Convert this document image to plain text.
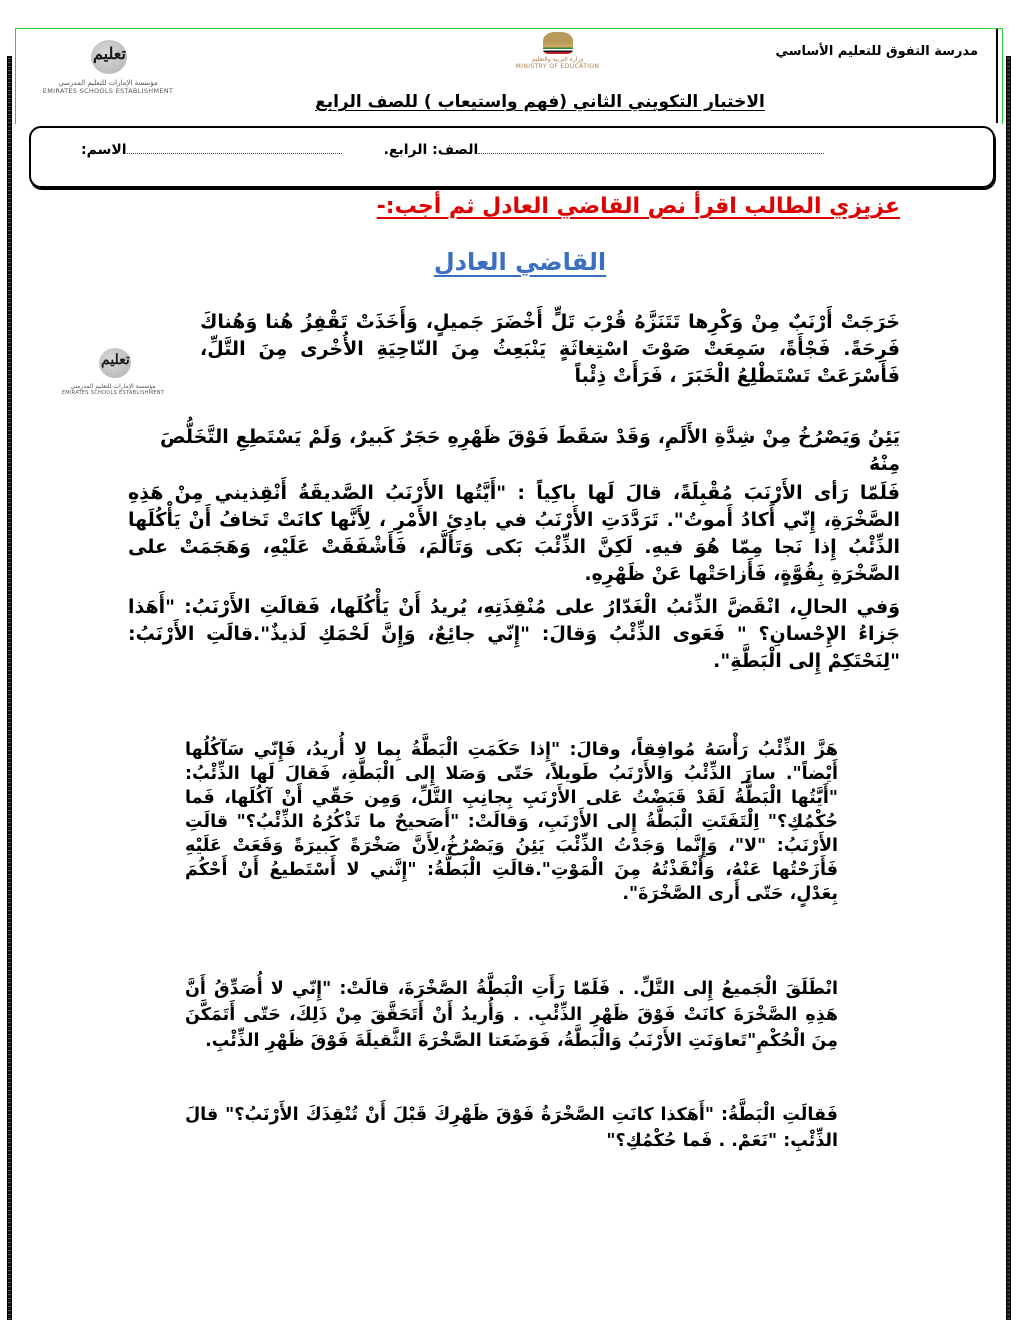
تعليم
مؤسسة الإمارات للتعليم المدرسي
EMIRATES SCHOOLS ESTABLISHMENT
وزارة التربية والتعليم
MINISTRY OF EDUCATION
مدرسة التفوق للتعليم الأساسي
الاختبار التكويني الثاني (فهم واستيعاب ) للصف الرابع
الاسم:	الصف: الرابع.
عزيزي الطالب اقرأ نص القاضي العادل ثم أجب:-
القاضي العادل
تعليم
مؤسسة الإمارات للتعليم المدرسي
EMIRATES SCHOOLS ESTABLISHMENT

خَرَجَتْ أَرْنَبٌ مِنْ وَكْرِها تَتَنَزَّهُ قُرْبَ تَلٍّ أَخْضَرَ جَميلٍ، وَأَخَذَتْ تَقْفِزُ هُنا وَهُناكَ فَرِحَةً. فَجْأَةً، سَمِعَتْ صَوْتَ اسْتِغاثَةٍ يَنْبَعِثُ مِنَ النّاحِيَةِ الأُخْرى مِنَ التَّلِّ، فَأَسْرَعَتْ تَسْتَطْلِعُ الْخَبَرَ ، فَرَأَتْ ذِئْباً

يَئِنُ وَيَصْرُخُ مِنْ شِدَّةِ الأَلَمِ، وَقَدْ سَقَطَ فَوْقَ ظَهْرِهِ حَجَرٌ كَبيرٌ، وَلَمْ يَسْتَطِعِ التَّخَلُّصَ مِنْهُ

فَلَمّا رَأى الأَرْنَبَ مُقْبِلَةً، قالَ لَها باكِياً : "أَيَّتُها الأَرْنَبُ الصَّديقَةُ أَنْقِذيني مِنْ هَذِهِ الصَّخْرَةِ، إِنّي أَكادُ أَموتُ". تَرَدَّدَتِ الأَرْنَبُ في بادِئِ الأَمْرِ ، لِأَنَّها كانَتْ تَخافُ أَنْ يَأْكُلَها الذِّئْبُ إِذا نَجا مِمّا هُوَ فيهِ. لَكِنَّ الذِّئْبَ بَكى وَتَأَلَّمَ، فَأَشْفَقَتْ عَلَيْهِ، وَهَجَمَتْ على الصَّخْرَةِ بِقُوَّةٍ، فَأَزاحَتْها عَنْ ظَهْرِهِ.

وَفي الحالِ، انْقَضَّ الذِّئبُ الْغَدّارُ على مُنْقِذَتِهِ، يُريدُ أَنْ يَأْكُلَها، فَقالَتِ الأَرْنَبُ: "أَهَذا جَزاءُ الإِحْسانِ؟ " فَعَوى الذِّئْبُ وَقالَ: "إِنّي جائِعٌ، وَإِنَّ لَحْمَكِ لَذيذٌ".قالَتِ الأَرْنَبُ: "لِنَحْتَكِمْ إِلى الْبَطَّةِ".

هَزَّ الذِّئْبُ رَأْسَهُ مُوافِقاً، وقالَ: "إِذا حَكَمَتِ الْبَطَّةُ بِما لا أُريدُ، فَإِنّي سَآكُلُها أَيْضاً". سارَ الذِّئْبُ وَالأَرْنَبُ طَويلاً، حَتّى وَصَلا إِلى الْبَطَّةِ، فَقالَ لَها الذِّئْبُ: "أَيَّتُها الْبَطَّةُ لَقَدْ قَبَضْتُ عَلى الأَرْنَبِ بِجانِبِ التَّلِّ، وَمِن حَقّي أَنْ آكُلَها، فَما حُكْمُكِ؟" اِلْتَفَتَتِ الْبَطَّةُ إِلى الأَرْنَبِ، وَقالَتْ: "أَصَحيحٌ ما تَذْكُرُهُ الذِّئْبُ؟" قالَتِ الأَرْنَبُ: "لا"، وَإِنَّما وَجَدْتُ الذِّئْبَ يَئِنُ وَيَصْرُخُ،لِأَنَّ صَخْرَةً كَبيرَةً وَقَعَتْ عَلَيْهِ فَأَزَحْتُها عَنْهُ، وَأَنْقَذْتُهُ مِنَ الْمَوْتِ".قالَتِ الْبَطَّةُ: "إِنَّني لا أَسْتَطيعُ أَنْ أَحْكُمَ بِعَدْلٍ، حَتّى أَرى الصَّخْرَةَ".

انْطَلَقَ الْجَميعُ إِلى التَّلِّ. . فَلَمّا رَأَتِ الْبَطَّةُ الصَّخْرَةَ، قالَتْ: "إِنّي لا أُصَدِّقُ أَنَّ هَذِهِ الصَّخْرَةَ كانَتْ فَوْقَ ظَهْرِ الذِّئْبِ. . وَأُريدُ أَنْ أَتَحَقَّقَ مِنْ ذَلِكَ، حَتّى أَتَمَكَّنَ مِنَ الْحُكْمِ"تَعاوَنَتِ الأَرْنَبُ وَالْبَطَّةُ، فَوَضَعَتا الصَّخْرَةَ الثَّقيلَةَ فَوْقَ ظَهْرِ الذِّئْبِ.

فَقالَتِ الْبَطَّةُ: "أَهَكذا كانَتِ الصَّخْرَةُ فَوْقَ ظَهْرِكَ قَبْلَ أَنْ تُنْقِذَكَ الأَرْنَبُ؟" قالَ الذِّئْبِ: "نَعَمْ. . فَما حُكْمُكِ؟"
